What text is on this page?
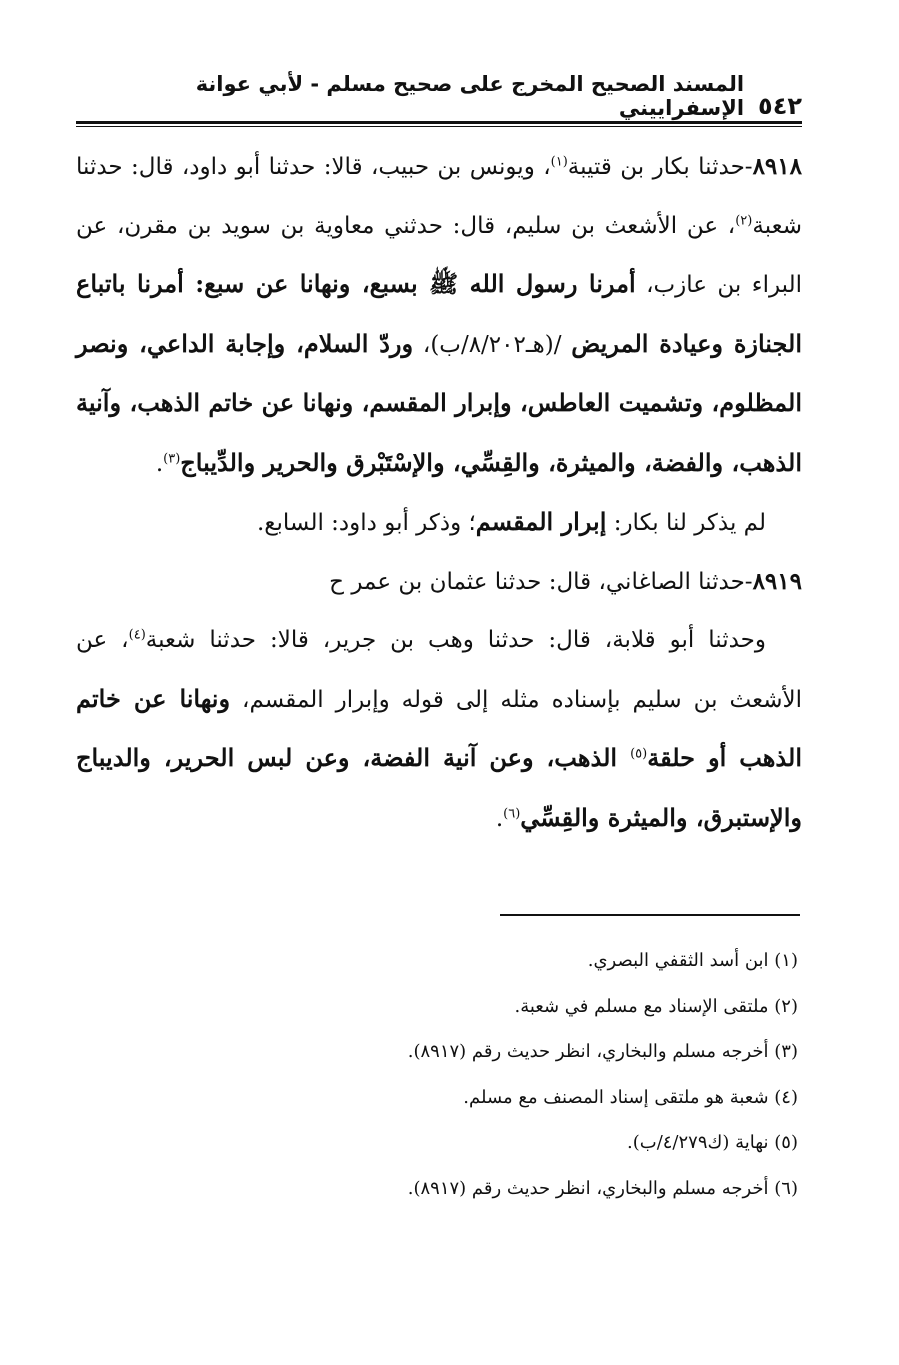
٥٤٢
المسند الصحيح المخرج على صحيح مسلم - لأبي عوانة الإسفراييني

٨٩١٨-حدثنا بكار بن قتيبة$^{(١)}$، ويونس بن حبيب، قالا: حدثنا أبو داود، قال: حدثنا شعبة$^{(٢)}$، عن الأشعث بن سليم، قال: حدثني معاوية بن سويد بن مقرن، عن البراء بن عازب، أمرنا رسول الله ﷺ بسبع، ونهانا عن سبع: أمرنا باتباع الجنازة وعيادة المريض /(هـ٨/٢٠٢/ب)، وردّ السلام، وإجابة الداعي، ونصر المظلوم، وتشميت العاطس، وإبرار المقسم، ونهانا عن خاتم الذهب، وآنية الذهب، والفضة، والميثرة، والقِسِّي، والإسْتَبْرق والحرير والدِّيباج$^{(٣)}$.

لم يذكر لنا بكار: إبرار المقسم؛ وذكر أبو داود: السابع.

٨٩١٩-حدثنا الصاغاني، قال: حدثنا عثمان بن عمر ح

وحدثنا أبو قلابة، قال: حدثنا وهب بن جرير، قالا: حدثنا شعبة$^{(٤)}$، عن الأشعث بن سليم بإسناده مثله إلى قوله وإبرار المقسم، ونهانا عن خاتم الذهب أو حلقة$^{(٥)}$ الذهب، وعن آنية الفضة، وعن لبس الحرير، والديباج والإستبرق، والميثرة والقِسِّي$^{(٦)}$.

(١) ابن أسد الثقفي البصري.

(٢) ملتقى الإسناد مع مسلم في شعبة.

(٣) أخرجه مسلم والبخاري، انظر حديث رقم (٨٩١٧).

(٤) شعبة هو ملتقى إسناد المصنف مع مسلم.

(٥) نهاية (ك٤/٢٧٩/ب).

(٦) أخرجه مسلم والبخاري، انظر حديث رقم (٨٩١٧).
